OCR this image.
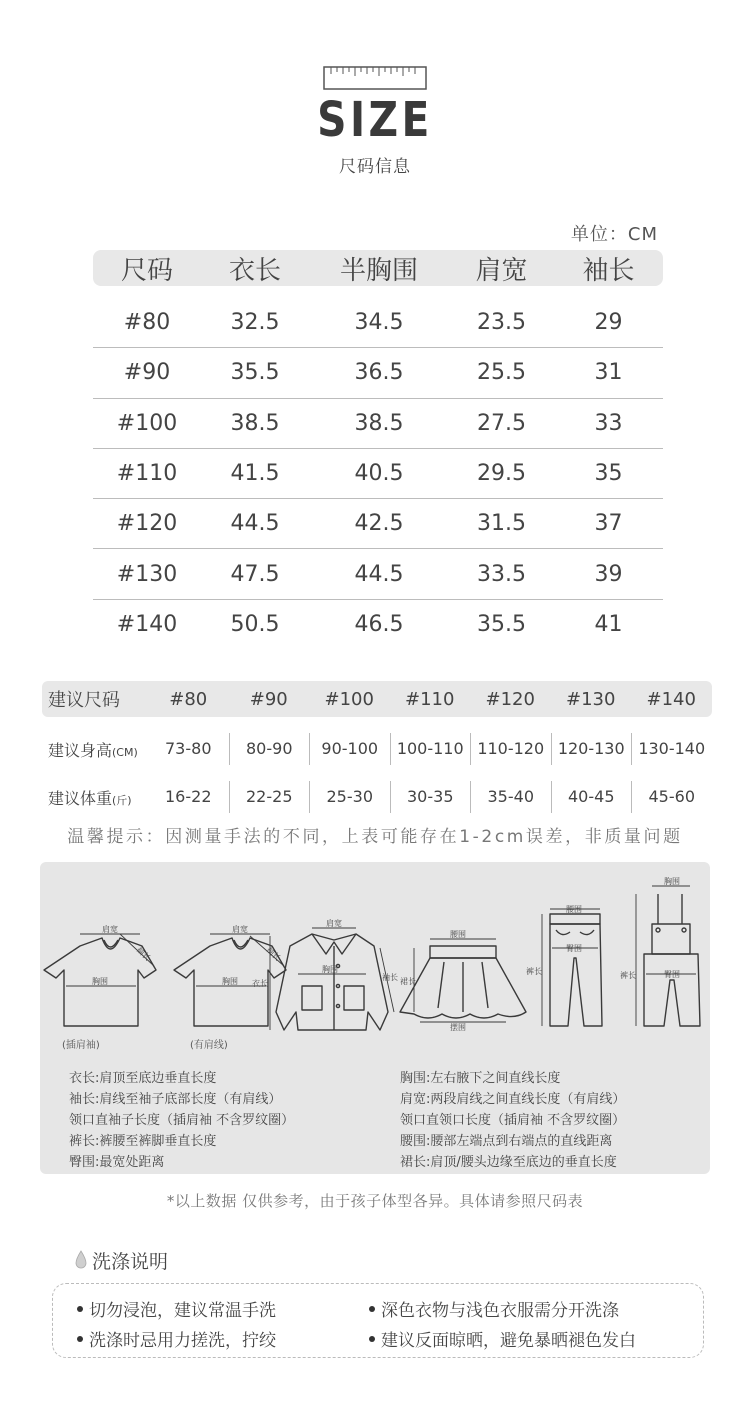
SIZE
尺码信息
单位：CM
尺码	衣长	半胸围	肩宽	袖长
#80	32.5	34.5	23.5	29
#90	35.5	36.5	25.5	31
#100	38.5	38.5	27.5	33
#110	41.5	40.5	29.5	35
#120	44.5	42.5	31.5	37
#130	47.5	44.5	33.5	39
#140	50.5	46.5	35.5	41
建议尺码	#80	#90	#100	#110	#120	#130	#140
建议身高(CM)	73-80	80-90	90-100	100-110 110-120 120-130 130-140
建议体重(斤)	16-22	22-25	25-30	30-35	35-40	40-45	45-60
温馨提示：因测量手法的不同，上表可能存在1-2cm误差，非质量问题
肩宽
胸围
袖长
肩宽
胸围
袖长
肩宽
胸围
衣长
袖长
腰围
摆围
裙长
腰围
臀围
裤长
胸围
臀围
裤长
(插肩袖)	(有肩线)
衣长:肩顶至底边垂直长度
袖长:肩线至袖子底部长度（有肩线）
领口直袖子长度（插肩袖 不含罗纹圈）
裤长:裤腰至裤脚垂直长度
臀围:最宽处距离
胸围:左右腋下之间直线长度
肩宽:两段肩线之间直线长度（有肩线）
领口直领口长度（插肩袖 不含罗纹圈）
腰围:腰部左端点到右端点的直线距离
裙长:肩顶/腰头边缘至底边的垂直长度
*以上数据 仅供参考，由于孩子体型各异。具体请参照尺码表
洗涤说明
切勿浸泡，建议常温手洗	深色衣物与浅色衣服需分开洗涤
洗涤时忌用力搓洗，拧绞	建议反面晾晒，避免暴晒褪色发白
